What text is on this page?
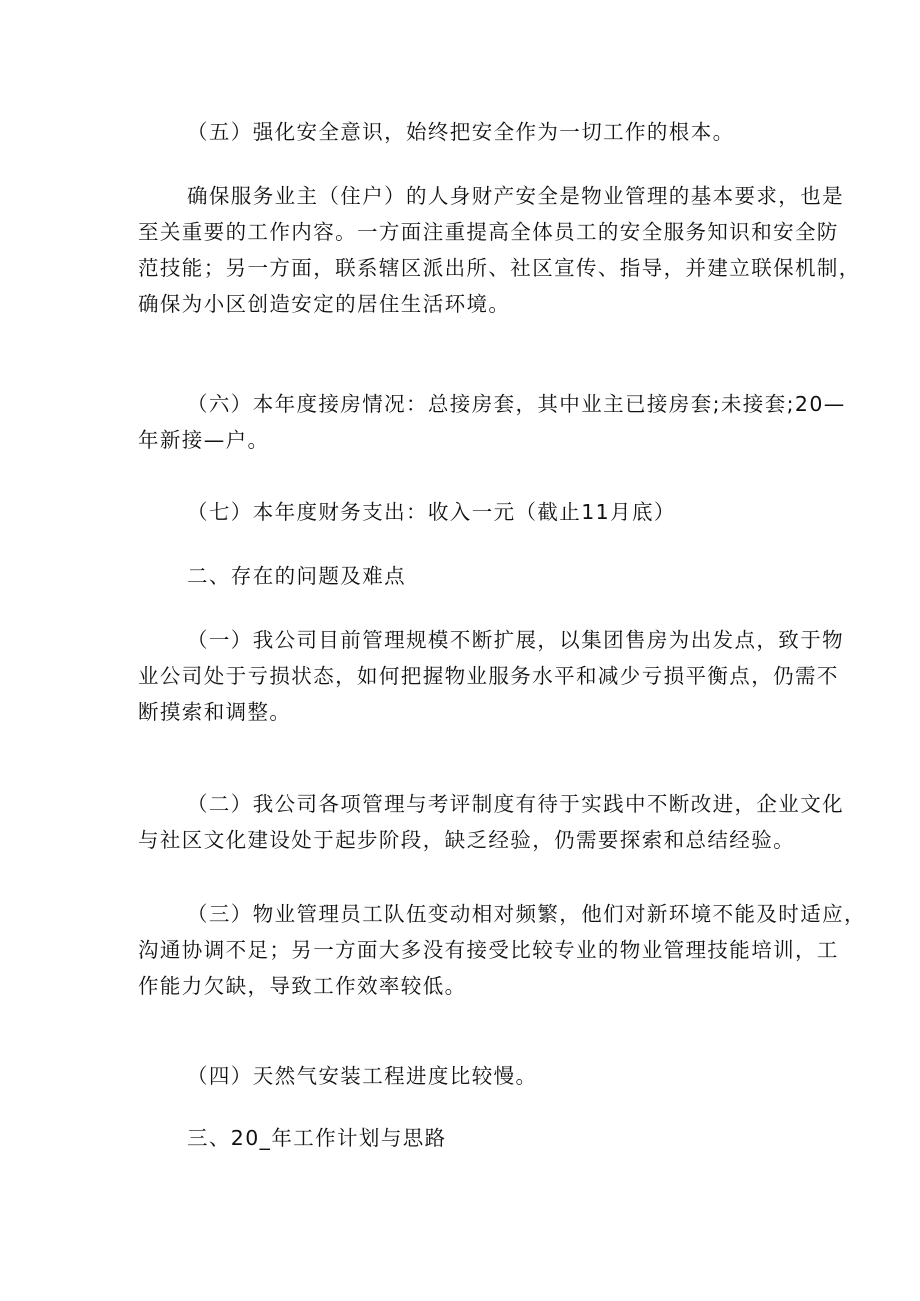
（五）强化安全意识，始终把安全作为一切工作的根本。

确保服务业主（住户）的人身财产安全是物业管理的基本要求，也是
至关重要的工作内容。一方面注重提高全体员工的安全服务知识和安全防
范技能；另一方面，联系辖区派出所、社区宣传、指导，并建立联保机制，
确保为小区创造安定的居住生活环境。

（六）本年度接房情况：总接房套，其中业主已接房套;未接套;20—
年新接—户。

（七）本年度财务支出：收入一元（截止11月底）

二、存在的问题及难点

（一）我公司目前管理规模不断扩展，以集团售房为出发点，致于物
业公司处于亏损状态，如何把握物业服务水平和减少亏损平衡点，仍需不
断摸索和调整。

（二）我公司各项管理与考评制度有待于实践中不断改进，企业文化
与社区文化建设处于起步阶段，缺乏经验，仍需要探索和总结经验。

（三）物业管理员工队伍变动相对频繁，他们对新环境不能及时适应，
沟通协调不足；另一方面大多没有接受比较专业的物业管理技能培训，工
作能力欠缺，导致工作效率较低。

（四）天然气安装工程进度比较慢。

三、20_年工作计划与思路
